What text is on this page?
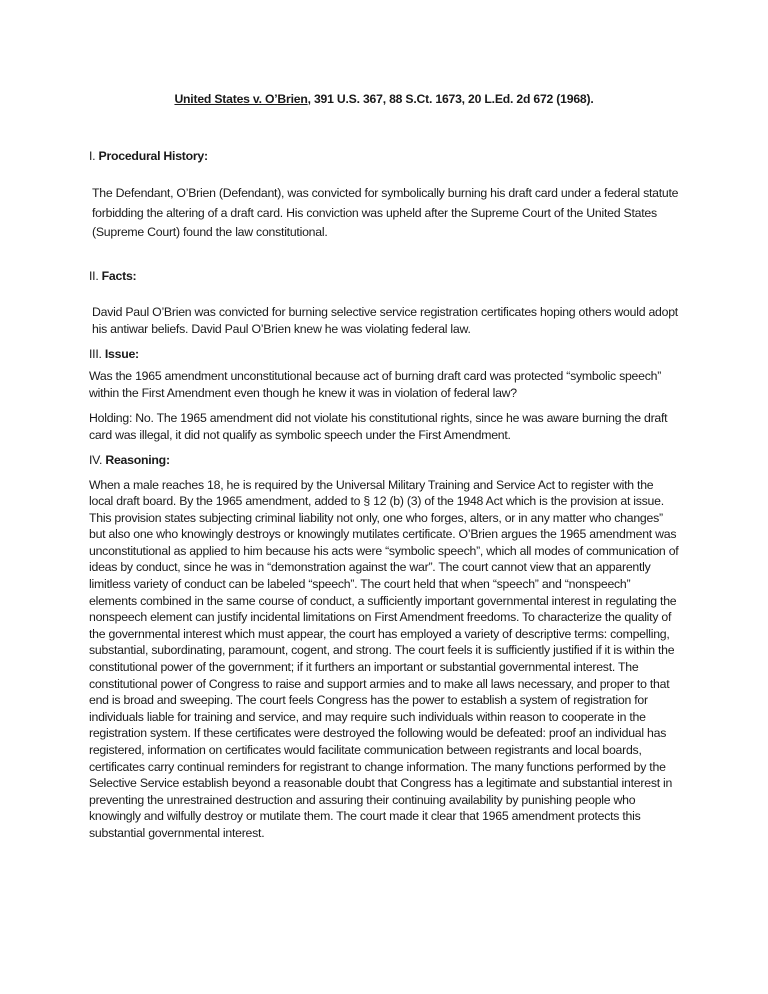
United States v. O’Brien, 391 U.S. 367, 88 S.Ct. 1673, 20 L.Ed. 2d 672 (1968).
I. Procedural History:

The Defendant, O’Brien (Defendant), was convicted for symbolically burning his draft card under a federal statute forbidding the altering of a draft card. His conviction was upheld after the Supreme Court of the United States (Supreme Court) found the law constitutional.

II. Facts:

David Paul O’Brien was convicted for burning selective service registration certificates hoping others would adopt his antiwar beliefs. David Paul O’Brien knew he was violating federal law.

III. Issue:

Was the 1965 amendment unconstitutional because act of burning draft card was protected “symbolic speech” within the First Amendment even though he knew it was in violation of federal law?

Holding: No. The 1965 amendment did not violate his constitutional rights, since he was aware burning the draft card was illegal, it did not qualify as symbolic speech under the First Amendment.

IV. Reasoning:

When a male reaches 18, he is required by the Universal Military Training and Service Act to register with the local draft board. By the 1965 amendment, added to § 12 (b) (3) of the 1948 Act which is the provision at issue. This provision states subjecting criminal liability not only, one who forges, alters, or in any matter who changes” but also one who knowingly destroys or knowingly mutilates certificate. O’Brien argues the 1965 amendment was unconstitutional as applied to him because his acts were “symbolic speech”, which all modes of communication of ideas by conduct, since he was in “demonstration against the war”. The court cannot view that an apparently limitless variety of conduct can be labeled “speech”. The court held that when “speech” and “nonspeech” elements combined in the same course of conduct, a sufficiently important governmental interest in regulating the nonspeech element can justify incidental limitations on First Amendment freedoms. To characterize the quality of the governmental interest which must appear, the court has employed a variety of descriptive terms: compelling, substantial, subordinating, paramount, cogent, and strong. The court feels it is sufficiently justified if it is within the constitutional power of the government; if it furthers an important or substantial governmental interest. The constitutional power of Congress to raise and support armies and to make all laws necessary, and proper to that end is broad and sweeping. The court feels Congress has the power to establish a system of registration for individuals liable for training and service, and may require such individuals within reason to cooperate in the registration system. If these certificates were destroyed the following would be defeated: proof an individual has registered, information on certificates would facilitate communication between registrants and local boards, certificates carry continual reminders for registrant to change information. The many functions performed by the Selective Service establish beyond a reasonable doubt that Congress has a legitimate and substantial interest in preventing the unrestrained destruction and assuring their continuing availability by punishing people who knowingly and wilfully destroy or mutilate them. The court made it clear that 1965 amendment protects this substantial governmental interest.
